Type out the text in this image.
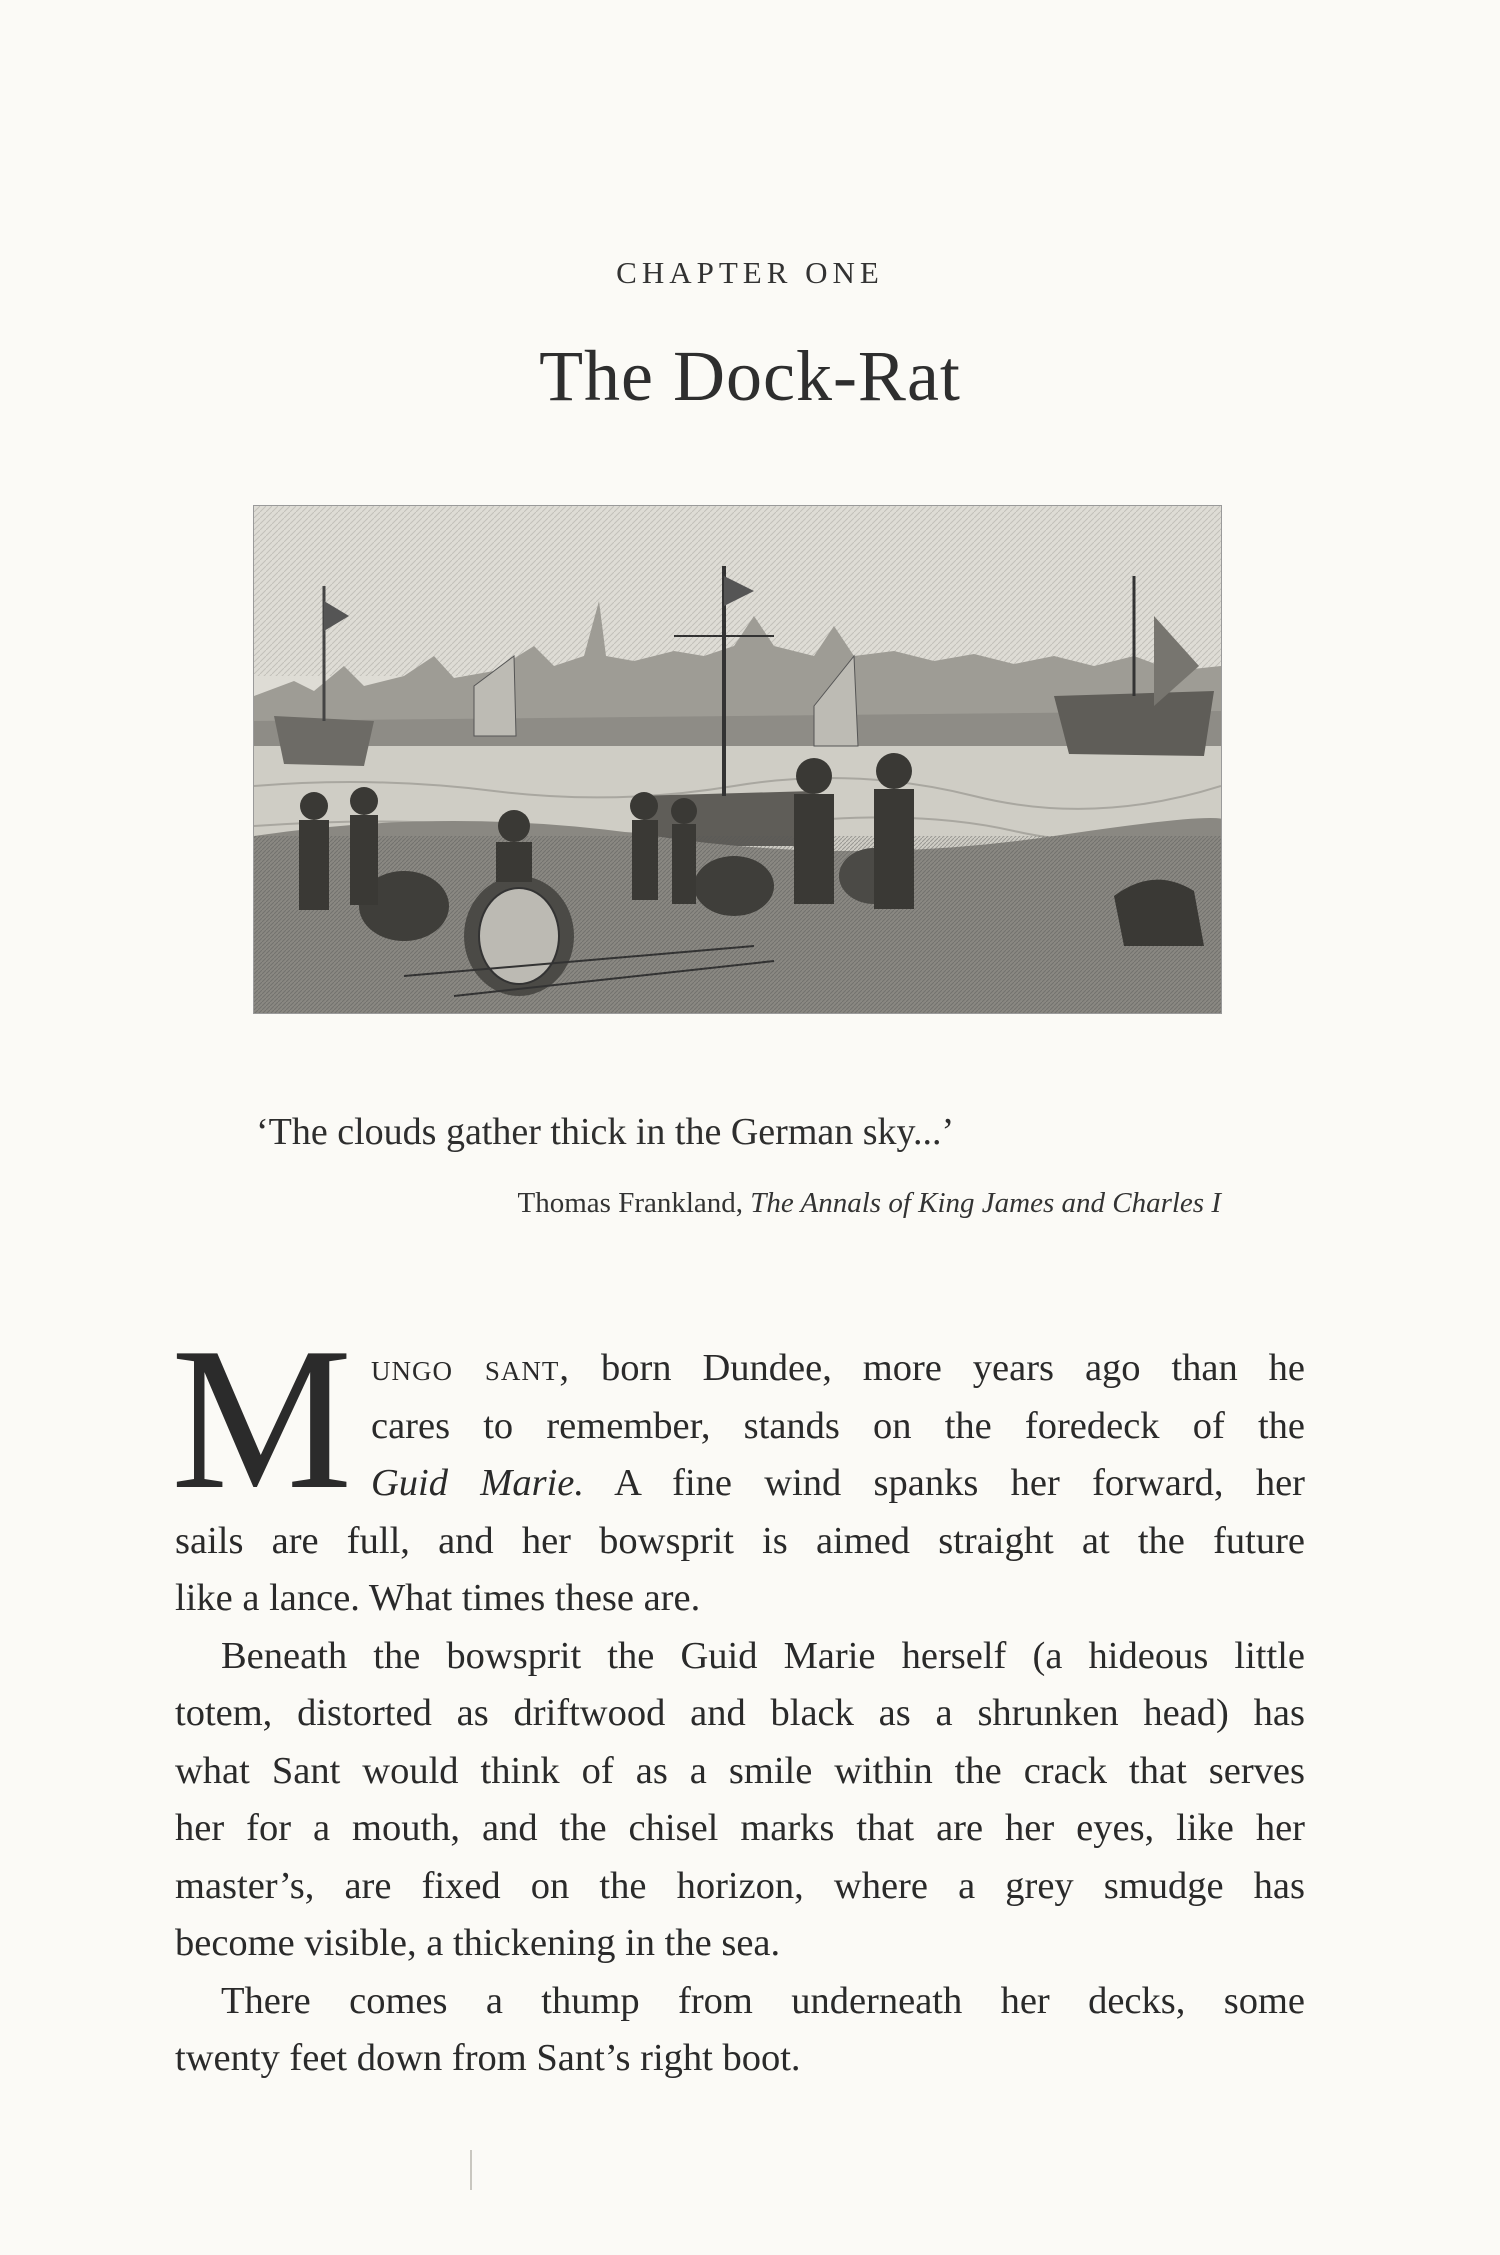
CHAPTER ONE
The Dock-Rat
‘The clouds gather thick in the German sky...’
Thomas Frankland, The Annals of King James and Charles I
M ungo sant, born Dundee, more years ago than he
cares to remember, stands on the foredeck of the
Guid Marie. A fine wind spanks her forward, her
sails are full, and her bowsprit is aimed straight at the future
like a lance. What times these are.
Beneath the bowsprit the Guid Marie herself (a hideous little
totem, distorted as driftwood and black as a shrunken head) has
what Sant would think of as a smile within the crack that serves
her for a mouth, and the chisel marks that are her eyes, like her
master’s, are fixed on the horizon, where a grey smudge has
become visible, a thickening in the sea.
There comes a thump from underneath her decks, some
twenty feet down from Sant’s right boot.
